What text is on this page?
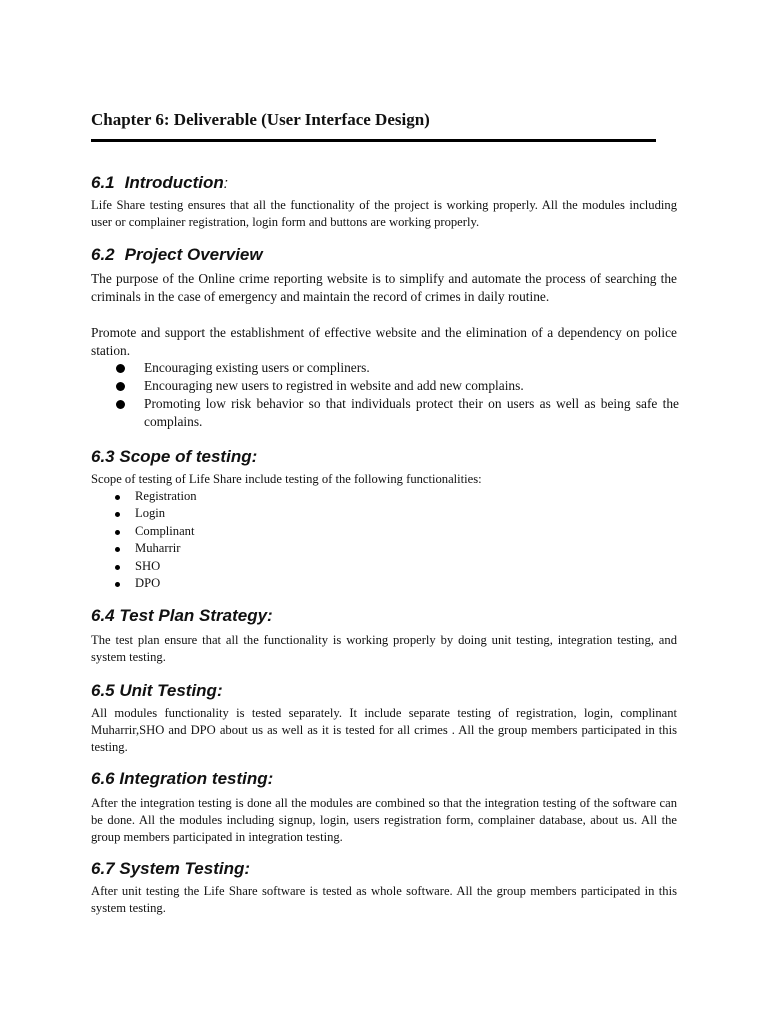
Chapter 6: Deliverable (User Interface Design)
6.1 Introduction:

Life Share testing ensures that all the functionality of the project is working properly. All the modules including user or complainer registration, login form and buttons are working properly.

6.2 Project Overview

The purpose of the Online crime reporting website is to simplify and automate the process of searching the criminals in the case of emergency and maintain the record of crimes in daily routine.

Promote and support the establishment of effective website and the elimination of a dependency on police station.

Encouraging existing users or compliners.
Encouraging new users to registred in website and add new complains.
Promoting low risk behavior so that individuals protect their on users as well as being safe the complains.
6.3 Scope of testing:

Scope of testing of Life Share include testing of the following functionalities:

Registration
Login
Complinant
Muharrir
SHO
DPO
6.4 Test Plan Strategy:

The test plan ensure that all the functionality is working properly by doing unit testing, integration testing, and system testing.

6.5 Unit Testing:

All modules functionality is tested separately. It include separate testing of registration, login, complinant Muharrir,SHO and DPO about us as well as it is tested for all crimes . All the group members participated in this testing.

6.6 Integration testing:

After the integration testing is done all the modules are combined so that the integration testing of the software can be done. All the modules including signup, login, users registration form, complainer database, about us. All the group members participated in integration testing.

6.7 System Testing:

After unit testing the Life Share software is tested as whole software. All the group members participated in this system testing.
